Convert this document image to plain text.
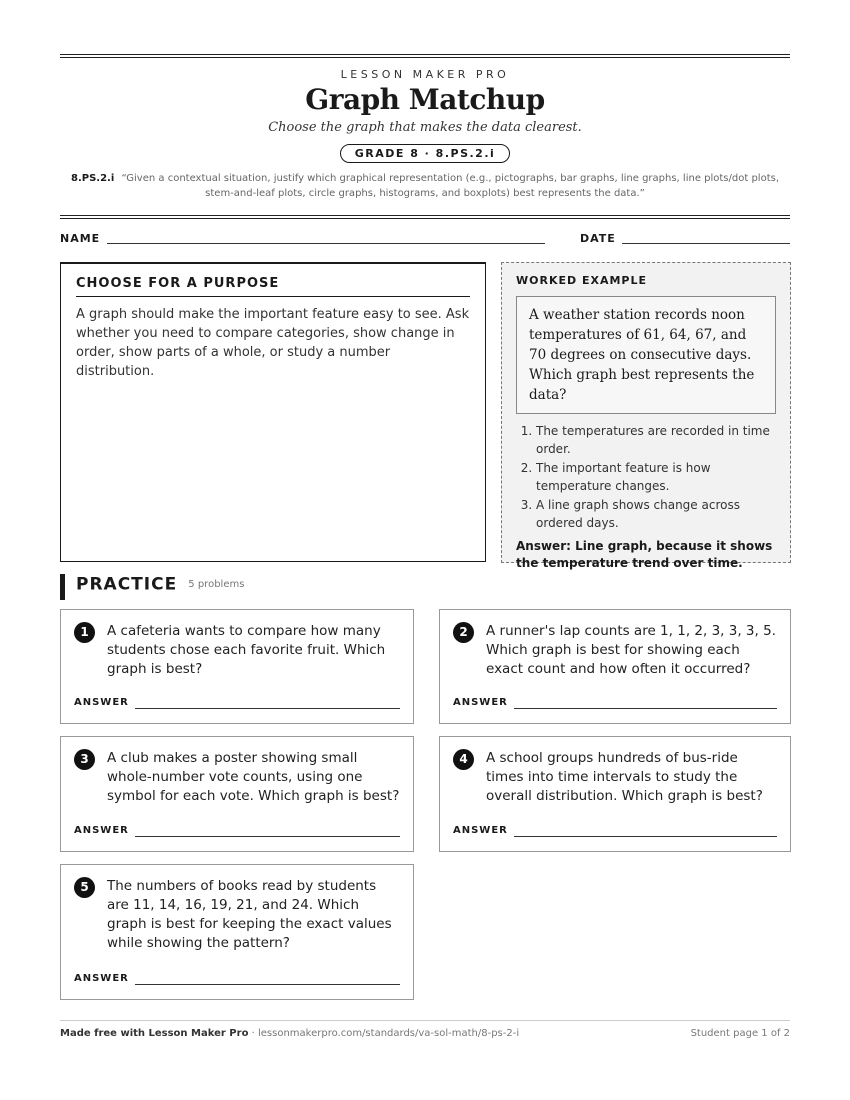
LESSON MAKER PRO
Graph Matchup
Choose the graph that makes the data clearest.
GRADE 8 · 8.PS.2.i
8.PS.2.i “Given a contextual situation, justify which graphical representation (e.g., pictographs, bar graphs, line graphs, line plots/dot plots, stem-and-leaf plots, circle graphs, histograms, and boxplots) best represents the data.”
NAME	DATE
CHOOSE FOR A PURPOSE

A graph should make the important feature easy to see. Ask whether you need to compare categories, show change in order, show parts of a whole, or study a number distribution.

WORKED EXAMPLE
A weather station records noon temperatures of 61, 64, 67, and 70 degrees on consecutive days. Which graph best represents the data?
1. The temperatures are recorded in time order.
2. The important feature is how temperature changes.
3. A line graph shows change across ordered days.
Answer: Line graph, because it shows the temperature trend over time.
PRACTICE 5 problems
1	A cafeteria wants to compare how many students chose each favorite fruit. Which graph is best?
ANSWER
2	A runner's lap counts are 1, 1, 2, 3, 3, 3, 5. Which graph is best for showing each exact count and how often it occurred?
ANSWER
3	A club makes a poster showing small whole-number vote counts, using one symbol for each vote. Which graph is best?
ANSWER
4	A school groups hundreds of bus-ride times into time intervals to study the overall distribution. Which graph is best?
ANSWER
5	The numbers of books read by students are 11, 14, 16, 19, 21, and 24. Which graph is best for keeping the exact values while showing the pattern?
ANSWER
Made free with Lesson Maker Pro · lessonmakerpro.com/standards/va-sol-math/8-ps-2-i	Student page 1 of 2
